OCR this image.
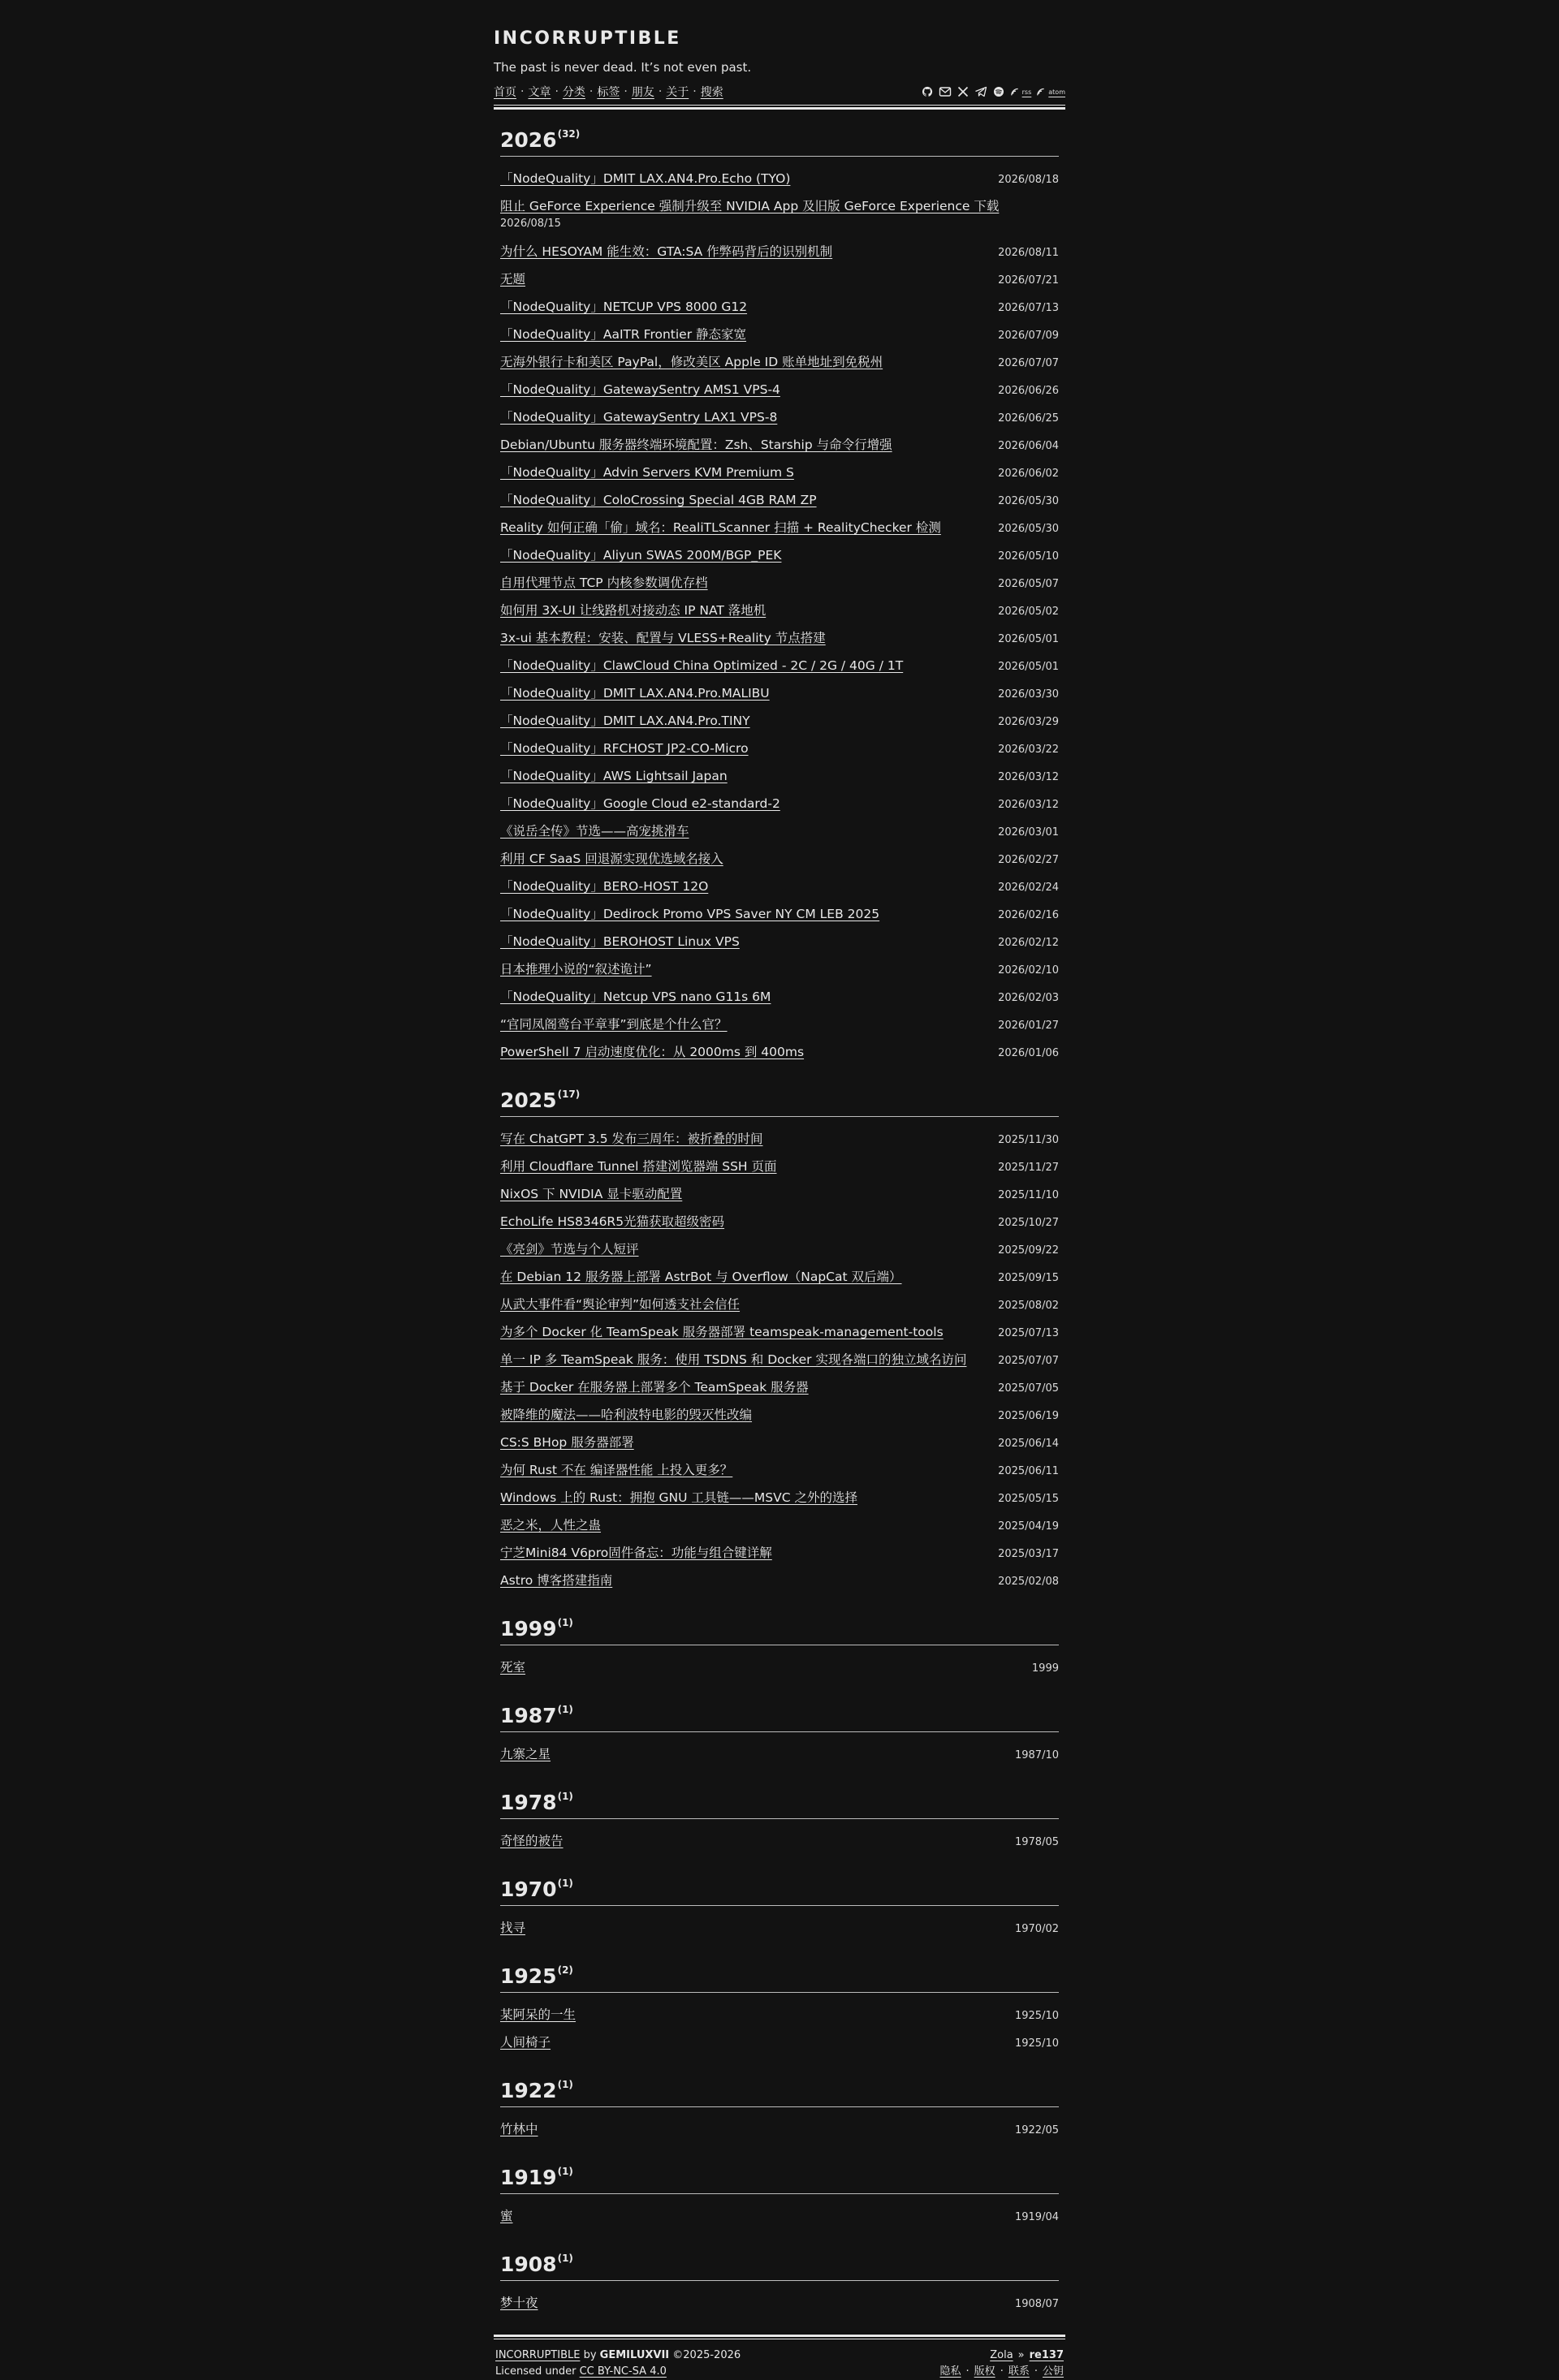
INCORRUPTIBLE
The past is never dead. It’s not even past.
首页 · 文章 · 分类 · 标签 · 朋友 · 关于 · 搜索	rss	atom
2026$^{(32)}$
「NodeQuality」DMIT LAX.AN4.Pro.Echo (TYO)	2026/08/18
阻止 GeForce Experience 强制升级至 NVIDIA App 及旧版 GeForce Experience 下载
2026/08/15
为什么 HESOYAM 能生效：GTA:SA 作弊码背后的识别机制	2026/08/11
无题	2026/07/21
「NodeQuality」NETCUP VPS 8000 G12	2026/07/13
「NodeQuality」AaITR Frontier 静态家宽	2026/07/09
无海外银行卡和美区 PayPal，修改美区 Apple ID 账单地址到免税州	2026/07/07
「NodeQuality」GatewaySentry AMS1 VPS-4	2026/06/26
「NodeQuality」GatewaySentry LAX1 VPS-8	2026/06/25
Debian/Ubuntu 服务器终端环境配置：Zsh、Starship 与命令行增强	2026/06/04
「NodeQuality」Advin Servers KVM Premium S	2026/06/02
「NodeQuality」ColoCrossing Special 4GB RAM ZP	2026/05/30
Reality 如何正确「偷」域名：RealiTLScanner 扫描 + RealityChecker 检测	2026/05/30
「NodeQuality」Aliyun SWAS 200M/BGP_PEK	2026/05/10
自用代理节点 TCP 内核参数调优存档	2026/05/07
如何用 3X-UI 让线路机对接动态 IP NAT 落地机	2026/05/02
3x-ui 基本教程：安装、配置与 VLESS+Reality 节点搭建	2026/05/01
「NodeQuality」ClawCloud China Optimized - 2C / 2G / 40G / 1T	2026/05/01
「NodeQuality」DMIT LAX.AN4.Pro.MALIBU	2026/03/30
「NodeQuality」DMIT LAX.AN4.Pro.TINY	2026/03/29
「NodeQuality」RFCHOST JP2-CO-Micro	2026/03/22
「NodeQuality」AWS Lightsail Japan	2026/03/12
「NodeQuality」Google Cloud e2-standard-2	2026/03/12
《说岳全传》节选——高宠挑滑车	2026/03/01
利用 CF SaaS 回退源实现优选域名接入	2026/02/27
「NodeQuality」BERO-HOST 12O	2026/02/24
「NodeQuality」Dedirock Promo VPS Saver NY CM LEB 2025	2026/02/16
「NodeQuality」BEROHOST Linux VPS	2026/02/12
日本推理小说的“叙述诡计”	2026/02/10
「NodeQuality」Netcup VPS nano G11s 6M	2026/02/03
“官同凤阁鸾台平章事”到底是个什么官？	2026/01/27
PowerShell 7 启动速度优化：从 2000ms 到 400ms	2026/01/06
2025$^{(17)}$
写在 ChatGPT 3.5 发布三周年：被折叠的时间	2025/11/30
利用 Cloudflare Tunnel 搭建浏览器端 SSH 页面	2025/11/27
NixOS 下 NVIDIA 显卡驱动配置	2025/11/10
EchoLife HS8346R5光猫获取超级密码	2025/10/27
《亮剑》节选与个人短评	2025/09/22
在 Debian 12 服务器上部署 AstrBot 与 Overflow（NapCat 双后端）	2025/09/15
从武大事件看“舆论审判”如何透支社会信任	2025/08/02
为多个 Docker 化 TeamSpeak 服务器部署 teamspeak-management-tools	2025/07/13
单一 IP 多 TeamSpeak 服务：使用 TSDNS 和 Docker 实现各端口的独立域名访问	2025/07/07
基于 Docker 在服务器上部署多个 TeamSpeak 服务器	2025/07/05
被降维的魔法——哈利波特电影的毁灭性改编	2025/06/19
CS:S BHop 服务器部署	2025/06/14
为何 Rust 不在 编译器性能 上投入更多？	2025/06/11
Windows 上的 Rust：拥抱 GNU 工具链——MSVC 之外的选择	2025/05/15
恶之米，人性之蛊	2025/04/19
宁芝Mini84 V6pro固件备忘：功能与组合键详解	2025/03/17
Astro 博客搭建指南	2025/02/08
1999$^{(1)}$
死室	1999
1987$^{(1)}$
九寨之星	1987/10
1978$^{(1)}$
奇怪的被告	1978/05
1970$^{(1)}$
找寻	1970/02
1925$^{(2)}$
某阿呆的一生	1925/10
人间椅子	1925/10
1922$^{(1)}$
竹林中	1922/05
1919$^{(1)}$
蜜	1919/04
1908$^{(1)}$
梦十夜	1908/07
INCORRUPTIBLE by GEMILUXVII ©2025-2026
Licensed under CC BY-NC-SA 4.0
Zola » re137
隐私 · 版权 · 联系 · 公钥
